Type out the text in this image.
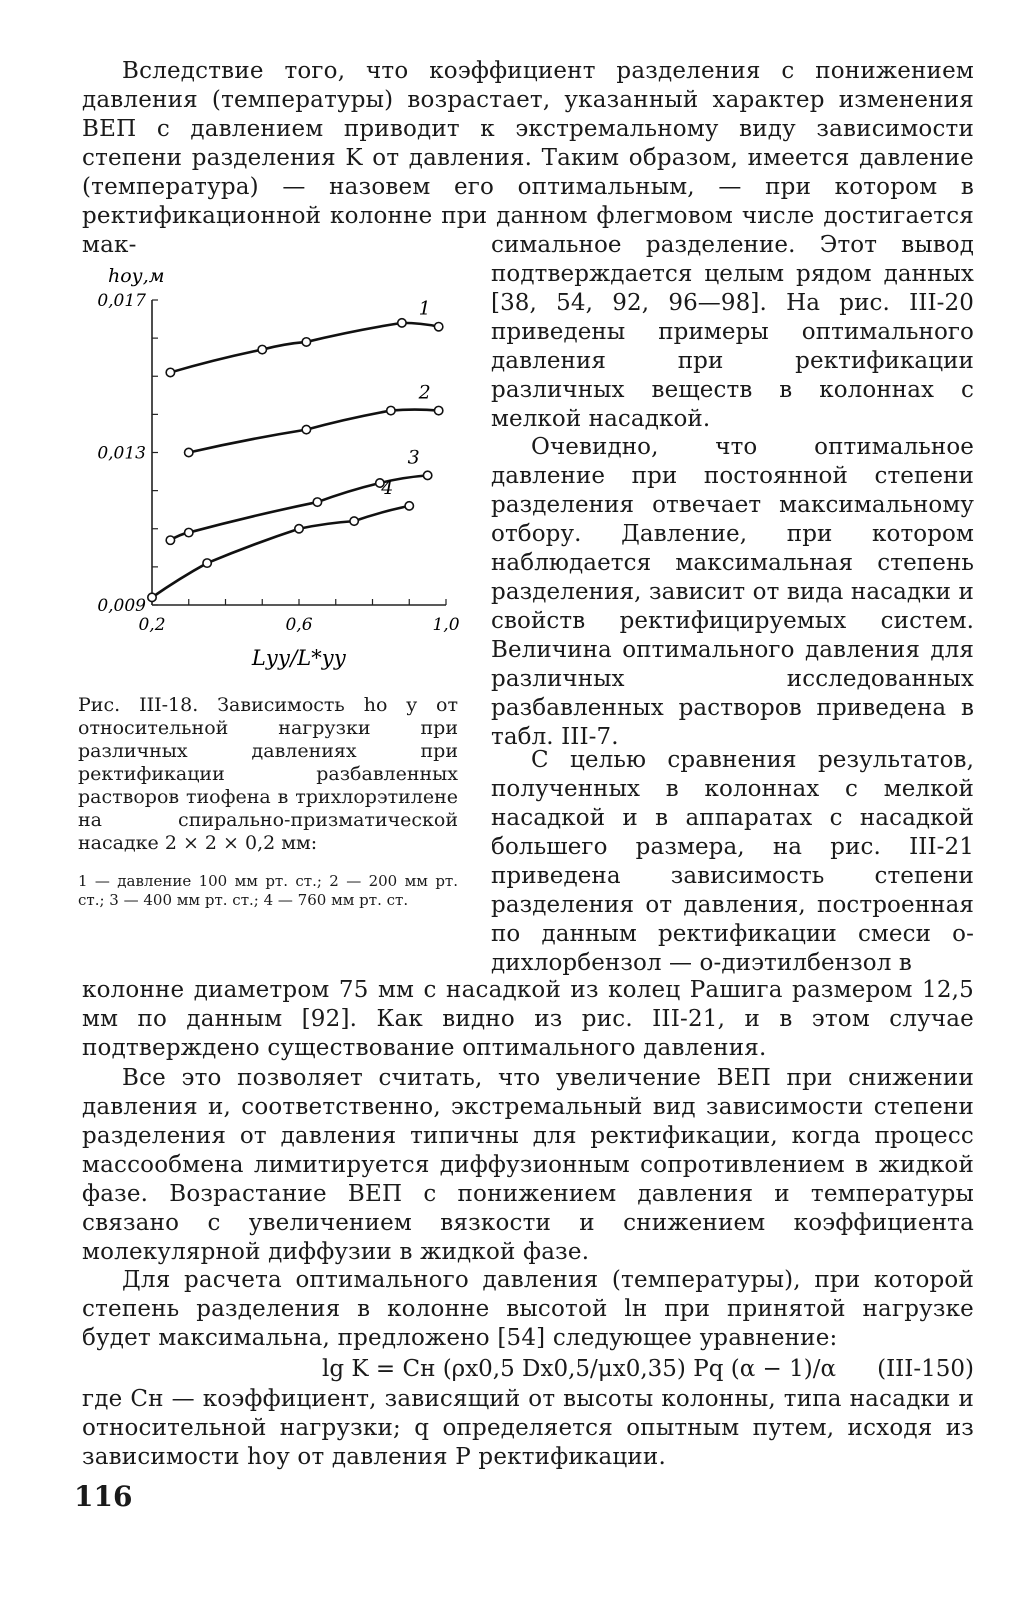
Вследствие того, что коэффициент разделения с понижением давления (температуры) возрастает, указанный характер изменения ВЕП с давлением приводит к экстремальному виду зависимости степени разделения K от давления. Таким образом, имеется давление (температура) — назовем его оптимальным, — при котором в ректификационной колонне при данном флегмовом числе достигается мак-

0,009
0,013
0,017
0,2	0,6	1,0
hоу,м
Lуу/L*уу
1
2
3
4

симальное разделение. Этот вывод подтверждается целым рядом данных [38, 54, 92, 96—98]. На рис. III-20 приведены примеры оптимального давления при ректификации различных веществ в колоннах с мелкой насадкой.

Очевидно, что оптимальное давление при постоянной степени разделения отвечает максимальному отбору. Давление, при котором наблюдается максимальная степень разделения, зависит от вида насадки и свойств ректифицируемых систем. Величина оптимального давления для различных исследованных разбавленных растворов приведена в табл. III-7.

С целью сравнения результатов, полученных в колоннах с мелкой насадкой и в аппаратах с насадкой большего размера, на рис. III-21 приведена зависимость степени разделения от давления, построенная по данным ректификации смеси о-дихлорбензол — о-диэтилбензол в

Рис. III-18. Зависимость hо y от относительной нагрузки при различных давлениях при ректификации разбавленных растворов тиофена в трихлорэтилене на спирально-призматической насадке 2 × 2 × 0,2 мм:

1 — давление 100 мм рт. ст.; 2 — 200 мм рт. ст.; 3 — 400 мм рт. ст.; 4 — 760 мм рт. ст.

колонне диаметром 75 мм с насадкой из колец Рашига размером 12,5 мм по данным [92]. Как видно из рис. III-21, и в этом случае подтверждено существование оптимального давления.

Все это позволяет считать, что увеличение ВЕП при снижении давления и, соответственно, экстремальный вид зависимости степени разделения от давления типичны для ректификации, когда процесс массообмена лимитируется диффузионным сопротивлением в жидкой фазе. Возрастание ВЕП с понижением давления и температуры связано с увеличением вязкости и снижением коэффициента молекулярной диффузии в жидкой фазе.

Для расчета оптимального давления (температуры), при которой степень разделения в колонне высотой lн при принятой нагрузке будет максимальна, предложено [54] следующее уравнение:

lg K = Cн (ρx0,5 Dx0,5/μx0,35) Pq (α − 1)/α (III-150)

где Cн — коэффициент, зависящий от высоты колонны, типа насадки и относительной нагрузки; q определяется опытным путем, исходя из зависимости hоу от давления P ректификации.

116
